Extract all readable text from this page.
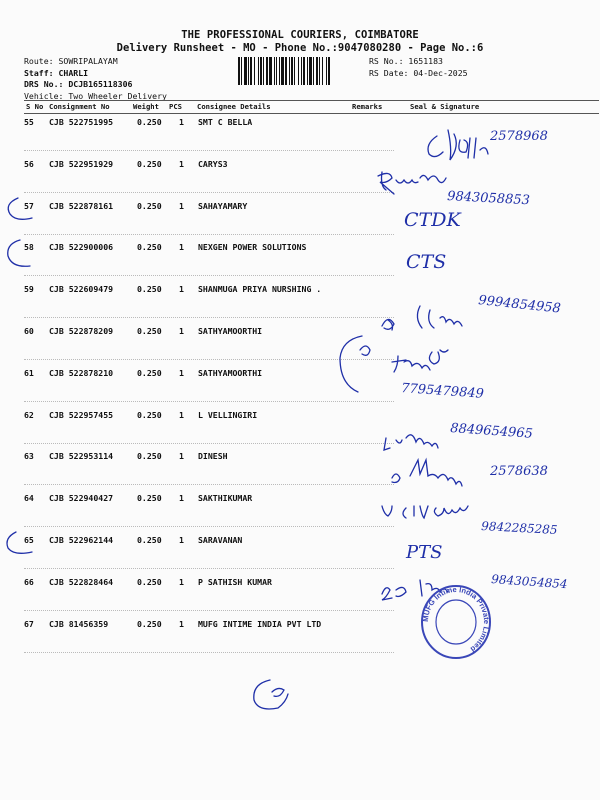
THE PROFESSIONAL COURIERS, COIMBATORE
Delivery Runsheet - MO - Phone No.:9047080280 - Page No.:6
Route: SOWRIPALAYAM
Staff: CHARLI
DRS No.: DCJB165118306
Vehicle: Two Wheeler Delivery
RS No.: 1651183
RS Date: 04-Dec-2025
S No Consignment No	Weight PCS Consignee Details	Remarks	Seal & Signature
55 CJB 522751995	0.250 1 SMT C BELLA
56 CJB 522951929	0.250 1 CARYS3
57 CJB 522878161	0.250 1 SAHAYAMARY
58 CJB 522900006	0.250 1 NEXGEN POWER SOLUTIONS
59 CJB 522609479	0.250 1 SHANMUGA PRIYA NURSHING .
60 CJB 522878209	0.250 1 SATHYAMOORTHI
61 CJB 522878210	0.250 1 SATHYAMOORTHI
62 CJB 522957455	0.250 1 L VELLINGIRI
63 CJB 522953114	0.250 1 DINESH
64 CJB 522940427	0.250 1 SAKTHIKUMAR
65 CJB 522962144	0.250 1 SARAVANAN
66 CJB 522828464	0.250 1 P SATHISH KUMAR
67 CJB 81456359	0.250 1 MUFG INTIME INDIA PVT LTD
2578968
9843058853
CTDK
CTS
9994854958
7795479849
8849654965
2578638
9842285285
PTS
9843054854
MUFG Intime India Private Limited
